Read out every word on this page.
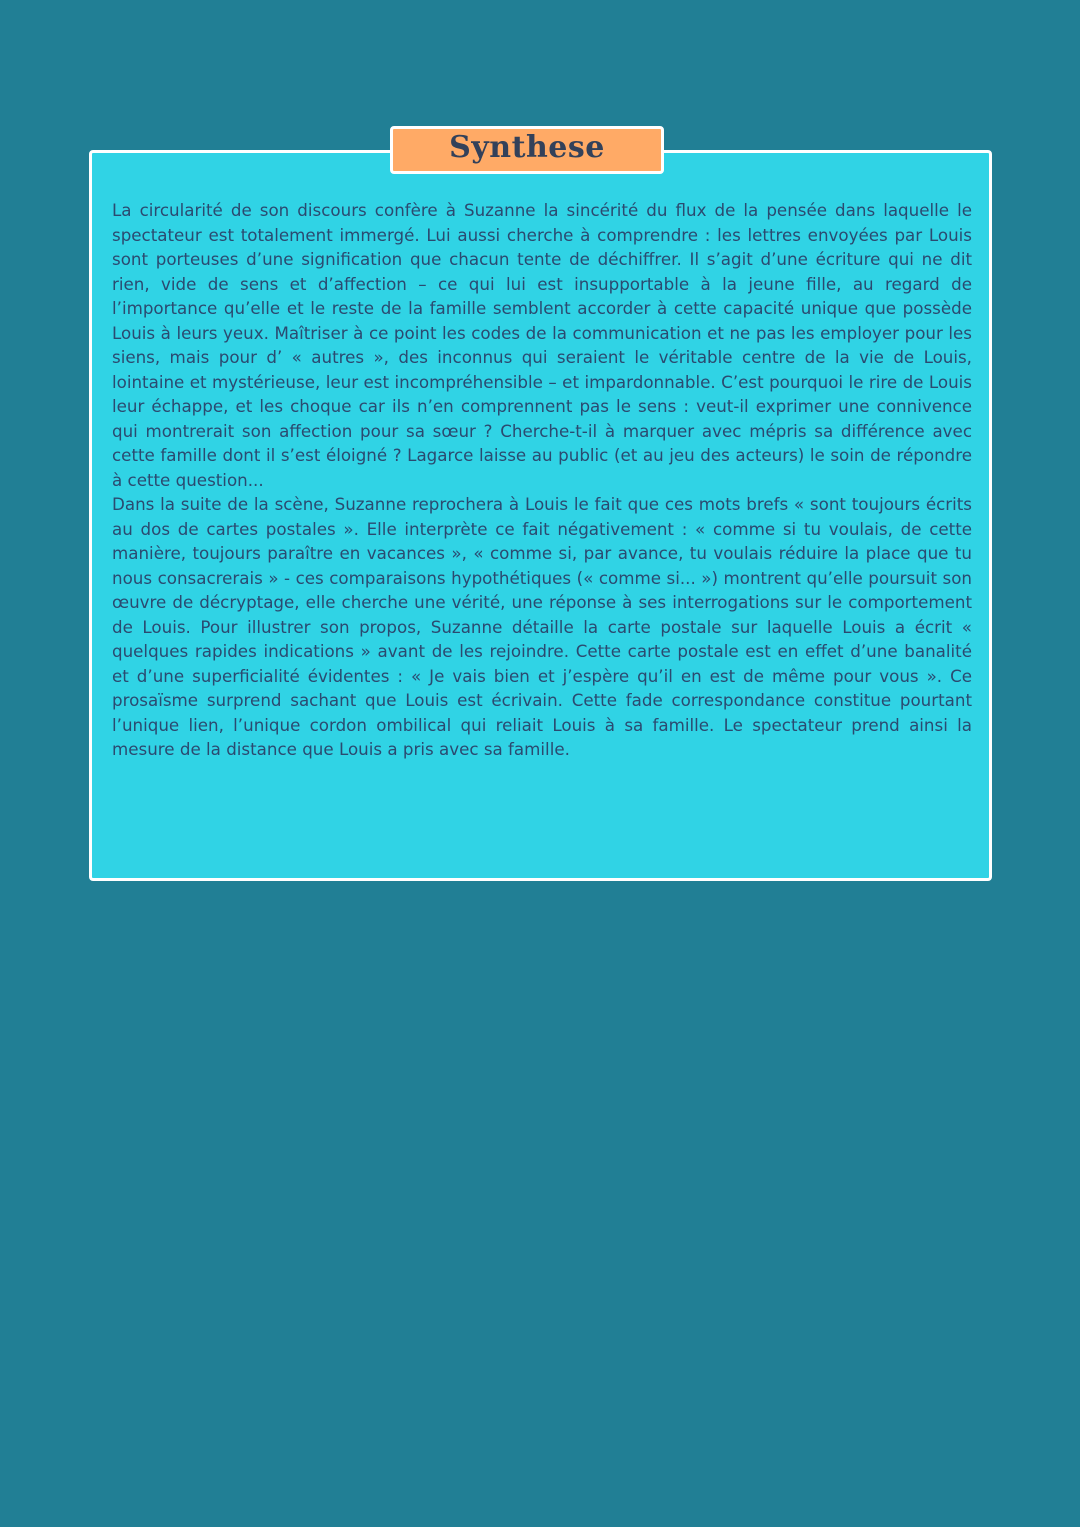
Synthese

La circularité de son discours confère à Suzanne la sincérité du flux de la pensée dans laquelle le spectateur est totalement immergé. Lui aussi cherche à comprendre : les lettres envoyées par Louis sont porteuses d’une signification que chacun tente de déchiffrer. Il s’agit d’une écriture qui ne dit rien, vide de sens et d’affection – ce qui lui est insupportable à la jeune fille, au regard de l’importance qu’elle et le reste de la famille semblent accorder à cette capacité unique que possède Louis à leurs yeux. Maîtriser à ce point les codes de la communication et ne pas les employer pour les siens, mais pour d’ « autres », des inconnus qui seraient le véritable centre de la vie de Louis, lointaine et mystérieuse, leur est incompréhensible – et impardonnable. C’est pourquoi le rire de Louis leur échappe, et les choque car ils n’en comprennent pas le sens : veut-il exprimer une connivence qui montrerait son affection pour sa sœur ? Cherche-t-il à marquer avec mépris sa différence avec cette famille dont il s’est éloigné ? Lagarce laisse au public (et au jeu des acteurs) le soin de répondre à cette question...

Dans la suite de la scène, Suzanne reprochera à Louis le fait que ces mots brefs « sont toujours écrits au dos de cartes postales ». Elle interprète ce fait négativement : « comme si tu voulais, de cette manière, toujours paraître en vacances », « comme si, par avance, tu voulais réduire la place que tu nous consacrerais » - ces comparaisons hypothétiques (« comme si... ») montrent qu’elle poursuit son œuvre de décryptage, elle cherche une vérité, une réponse à ses interrogations sur le comportement de Louis. Pour illustrer son propos, Suzanne détaille la carte postale sur laquelle Louis a écrit « quelques rapides indications » avant de les rejoindre. Cette carte postale est en effet d’une banalité et d’une superficialité évidentes : « Je vais bien et j’espère qu’il en est de même pour vous ». Ce prosaïsme surprend sachant que Louis est écrivain. Cette fade correspondance constitue pourtant l’unique lien, l’unique cordon ombilical qui reliait Louis à sa famille. Le spectateur prend ainsi la mesure de la distance que Louis a pris avec sa famille.
